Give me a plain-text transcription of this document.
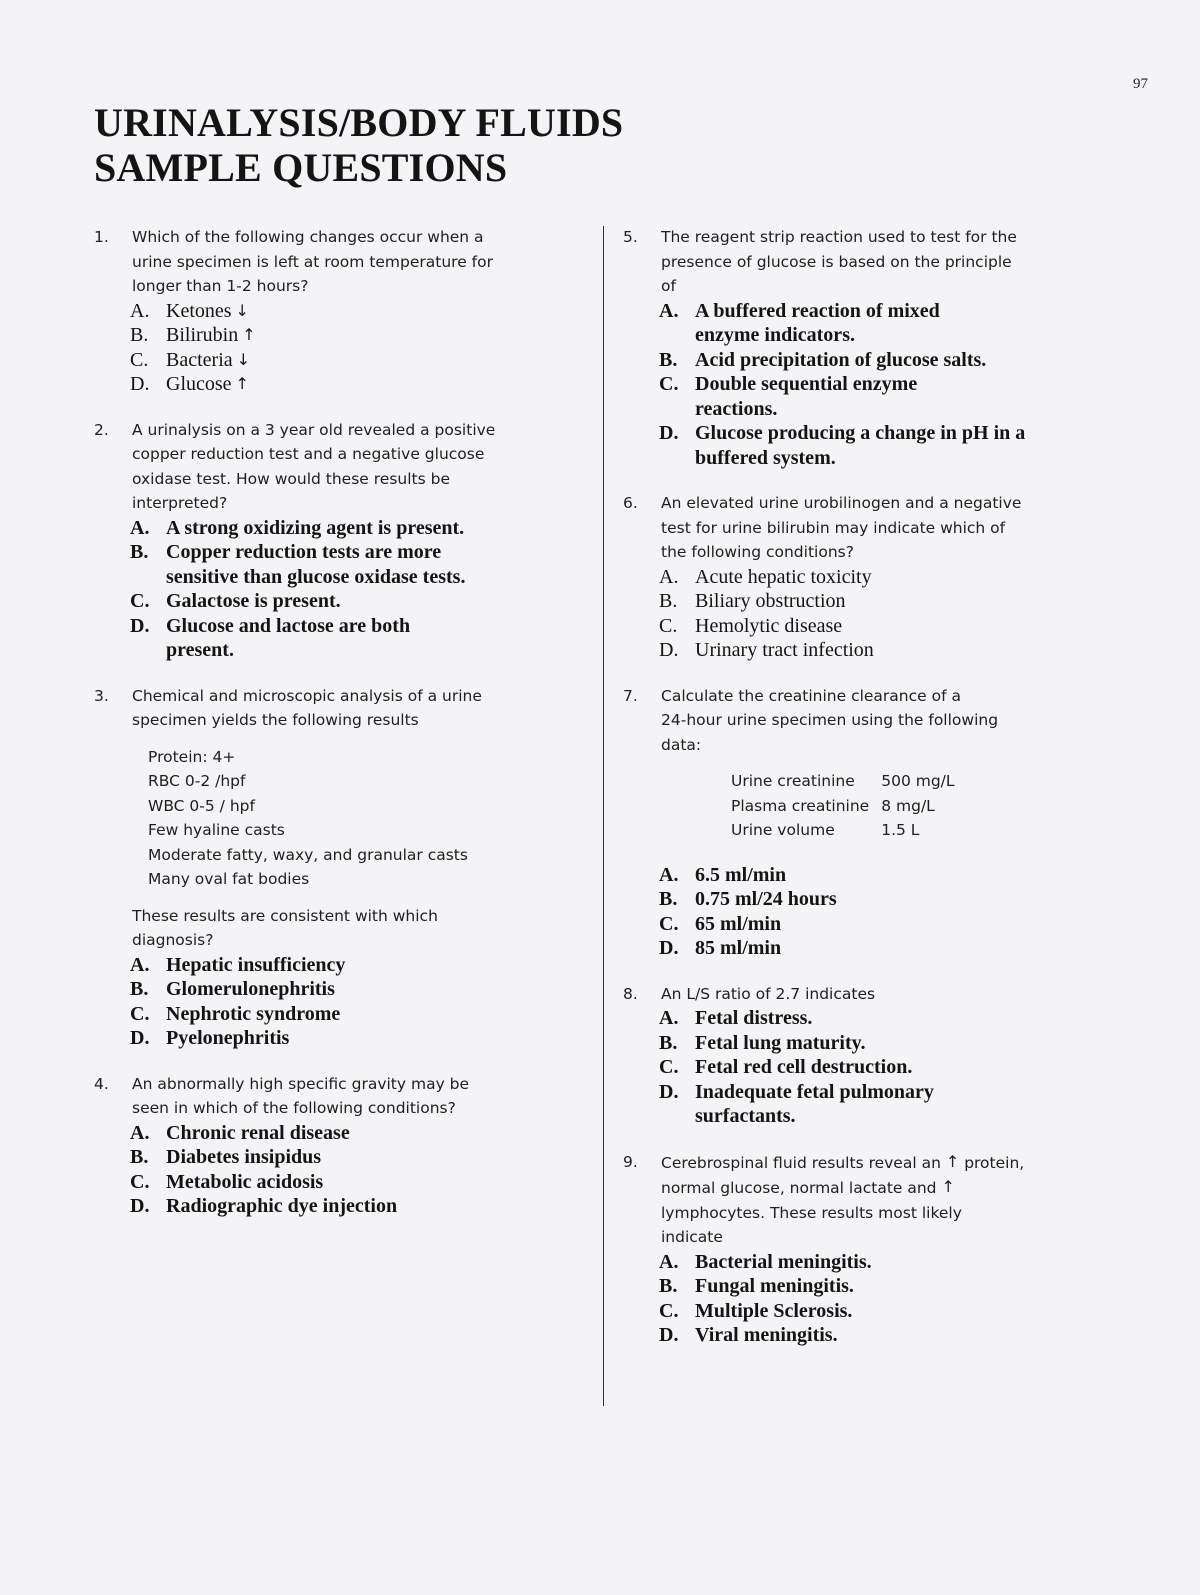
97
URINALYSIS/BODY FLUIDS
SAMPLE QUESTIONS
1. Which of the following changes occur when a
urine specimen is left at room temperature for
longer than 1-2 hours?
A. Ketones ↓
B. Bilirubin ↑
C. Bacteria ↓
D. Glucose ↑
2. A urinalysis on a 3 year old revealed a positive
copper reduction test and a negative glucose
oxidase test. How would these results be
interpreted?
A. A strong oxidizing agent is present.
B. Copper reduction tests are more sensitive than glucose oxidase tests.
C. Galactose is present.
D. Glucose and lactose are both present.
3. Chemical and microscopic analysis of a urine
specimen yields the following results
Protein: 4+
RBC 0-2 /hpf
WBC 0-5 / hpf
Few hyaline casts
Moderate fatty, waxy, and granular casts
Many oval fat bodies
These results are consistent with which
diagnosis?
A. Hepatic insufficiency
B. Glomerulonephritis
C. Nephrotic syndrome
D. Pyelonephritis
4. An abnormally high specific gravity may be
seen in which of the following conditions?
A. Chronic renal disease
B. Diabetes insipidus
C. Metabolic acidosis
D. Radiographic dye injection
5. The reagent strip reaction used to test for the
presence of glucose is based on the principle
of
A. A buffered reaction of mixed enzyme indicators.
B. Acid precipitation of glucose salts.
C. Double sequential enzyme reactions.
D. Glucose producing a change in pH in a buffered system.
6. An elevated urine urobilinogen and a negative
test for urine bilirubin may indicate which of
the following conditions?
A. Acute hepatic toxicity
B. Biliary obstruction
C. Hemolytic disease
D. Urinary tract infection
7. Calculate the creatinine clearance of a
24-hour urine specimen using the following
data:
Urine creatinine	500 mg/L
Plasma creatinine	8 mg/L
Urine volume	1.5 L
A. 6.5 ml/min
B. 0.75 ml/24 hours
C. 65 ml/min
D. 85 ml/min
8. An L/S ratio of 2.7 indicates
A. Fetal distress.
B. Fetal lung maturity.
C. Fetal red cell destruction.
D. Inadequate fetal pulmonary surfactants.
9. Cerebrospinal fluid results reveal an ↑ protein,
normal glucose, normal lactate and ↑
lymphocytes. These results most likely
indicate
A. Bacterial meningitis.
B. Fungal meningitis.
C. Multiple Sclerosis.
D. Viral meningitis.
